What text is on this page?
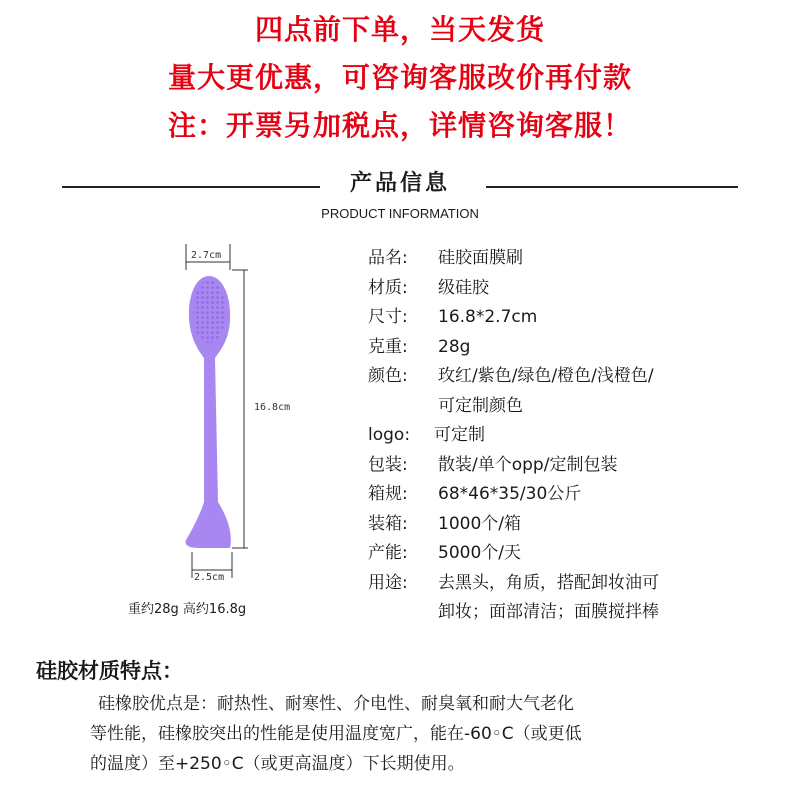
四点前下单，当天发货
量大更优惠，可咨询客服改价再付款
注：开票另加税点，详情咨询客服！
产品信息
PRODUCT INFORMATION
2.7cm
16.8cm
2.5cm
重约28g 高约16.8g
品名:	硅胶面膜刷
材质:	级硅胶
尺寸:	16.8*2.7cm
克重:	28g
颜色:	玫红/紫色/绿色/橙色/浅橙色/
可定制颜色
logo:	可定制
包装:	散装/单个opp/定制包装
箱规:	68*46*35/30公斤
装箱:	1000个/箱
产能:	5000个/天
用途:	去黑头，角质，搭配卸妆油可
卸妆；面部清洁；面膜搅拌棒
硅胶材质特点：
硅橡胶优点是：耐热性、耐寒性、介电性、耐臭氧和耐大气老化
等性能，硅橡胶突出的性能是使用温度宽广，能在-60◦C（或更低
的温度）至+250◦C（或更高温度）下长期使用。
